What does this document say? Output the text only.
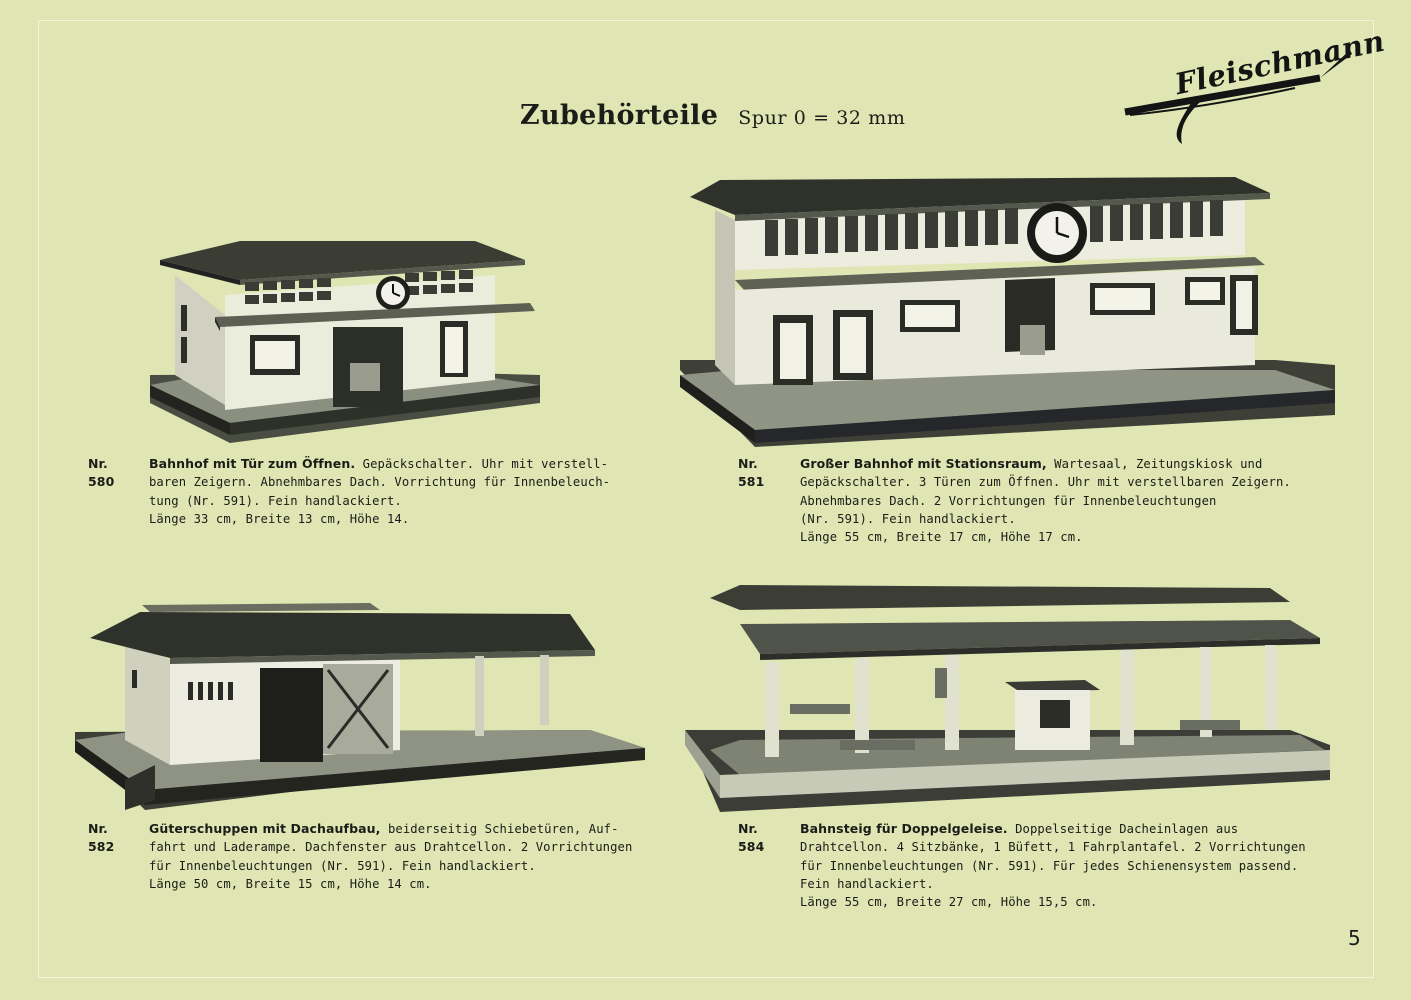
Zubehörteile Spur 0 = 32 mm
Fleischmann
Nr. 580
Bahnhof mit Tür zum Öffnen. Gepäckschalter. Uhr mit verstell-
baren Zeigern. Abnehmbares Dach. Vorrichtung für Innenbeleuch-
tung (Nr. 591). Fein handlackiert.
Länge 33 cm, Breite 13 cm, Höhe 14.
Nr. 581
Großer Bahnhof mit Stationsraum, Wartesaal, Zeitungskiosk und
Gepäckschalter. 3 Türen zum Öffnen. Uhr mit verstellbaren Zeigern.
Abnehmbares Dach. 2 Vorrichtungen für Innenbeleuchtungen
(Nr. 591). Fein handlackiert.
Länge 55 cm, Breite 17 cm, Höhe 17 cm.
Nr. 582
Güterschuppen mit Dachaufbau, beiderseitig Schiebetüren, Auf-
fahrt und Laderampe. Dachfenster aus Drahtcellon. 2 Vorrichtungen
für Innenbeleuchtungen (Nr. 591). Fein handlackiert.
Länge 50 cm, Breite 15 cm, Höhe 14 cm.
Nr. 584
Bahnsteig für Doppelgeleise. Doppelseitige Dacheinlagen aus
Drahtcellon. 4 Sitzbänke, 1 Büfett, 1 Fahrplantafel. 2 Vorrichtungen
für Innenbeleuchtungen (Nr. 591). Für jedes Schienensystem passend.
Fein handlackiert.
Länge 55 cm, Breite 27 cm, Höhe 15,5 cm.
5
